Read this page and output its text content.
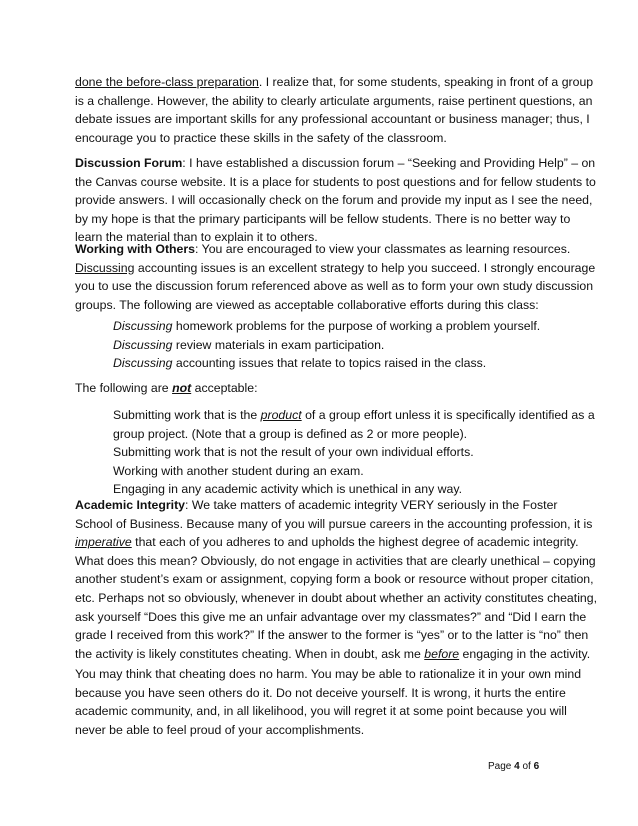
done the before-class preparation. I realize that, for some students, speaking in front of a group
is a challenge. However, the ability to clearly articulate arguments, raise pertinent questions, an
debate issues are important skills for any professional accountant or business manager; thus, I
encourage you to practice these skills in the safety of the classroom.
Discussion Forum: I have established a discussion forum – “Seeking and Providing Help” – on
the Canvas course website. It is a place for students to post questions and for fellow students to
provide answers. I will occasionally check on the forum and provide my input as I see the need,
by my hope is that the primary participants will be fellow students. There is no better way to
learn the material than to explain it to others.
Working with Others: You are encouraged to view your classmates as learning resources.
Discussing accounting issues is an excellent strategy to help you succeed. I strongly encourage
you to use the discussion forum referenced above as well as to form your own study discussion
groups. The following are viewed as acceptable collaborative efforts during this class:
Discussing homework problems for the purpose of working a problem yourself.
Discussing review materials in exam participation.
Discussing accounting issues that relate to topics raised in the class.
The following are not acceptable:
Submitting work that is the product of a group effort unless it is specifically identified as a
group project. (Note that a group is defined as 2 or more people).
Submitting work that is not the result of your own individual efforts.
Working with another student during an exam.
Engaging in any academic activity which is unethical in any way.
Academic Integrity: We take matters of academic integrity VERY seriously in the Foster
School of Business. Because many of you will pursue careers in the accounting profession, it is
imperative that each of you adheres to and upholds the highest degree of academic integrity.
What does this mean? Obviously, do not engage in activities that are clearly unethical – copying
another student’s exam or assignment, copying form a book or resource without proper citation,
etc. Perhaps not so obviously, whenever in doubt about whether an activity constitutes cheating,
ask yourself “Does this give me an unfair advantage over my classmates?” and “Did I earn the
grade I received from this work?” If the answer to the former is “yes” or to the latter is “no” then
the activity is likely constitutes cheating. When in doubt, ask me before engaging in the activity.
You may think that cheating does no harm. You may be able to rationalize it in your own mind
because you have seen others do it. Do not deceive yourself. It is wrong, it hurts the entire
academic community, and, in all likelihood, you will regret it at some point because you will
never be able to feel proud of your accomplishments.
Page 4 of 6
